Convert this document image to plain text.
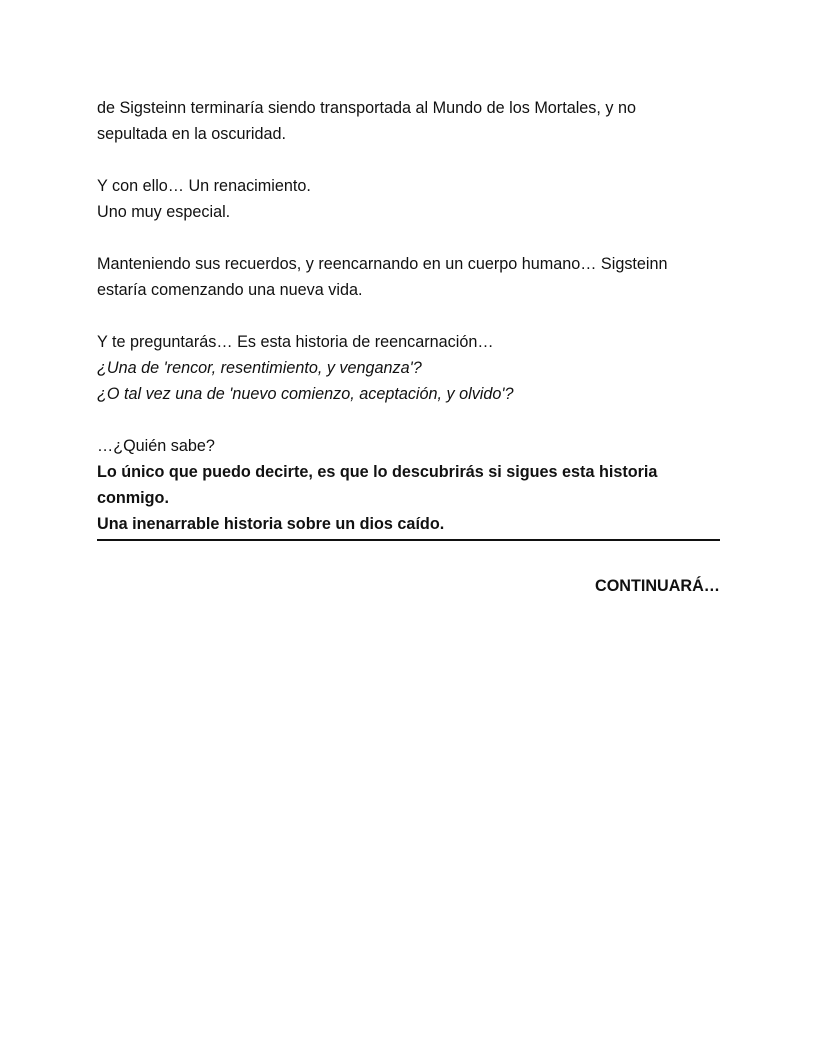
de Sigsteinn terminaría siendo transportada al Mundo de los Mortales, y no
sepultada en la oscuridad.
Y con ello… Un renacimiento.
Uno muy especial.
Manteniendo sus recuerdos, y reencarnando en un cuerpo humano… Sigsteinn
estaría comenzando una nueva vida.
Y te preguntarás… Es esta historia de reencarnación…
¿Una de 'rencor, resentimiento, y venganza'?
¿O tal vez una de 'nuevo comienzo, aceptación, y olvido'?
…¿Quién sabe?
Lo único que puedo decirte, es que lo descubrirás si sigues esta historia
conmigo.
Una inenarrable historia sobre un dios caído.
CONTINUARÁ…
